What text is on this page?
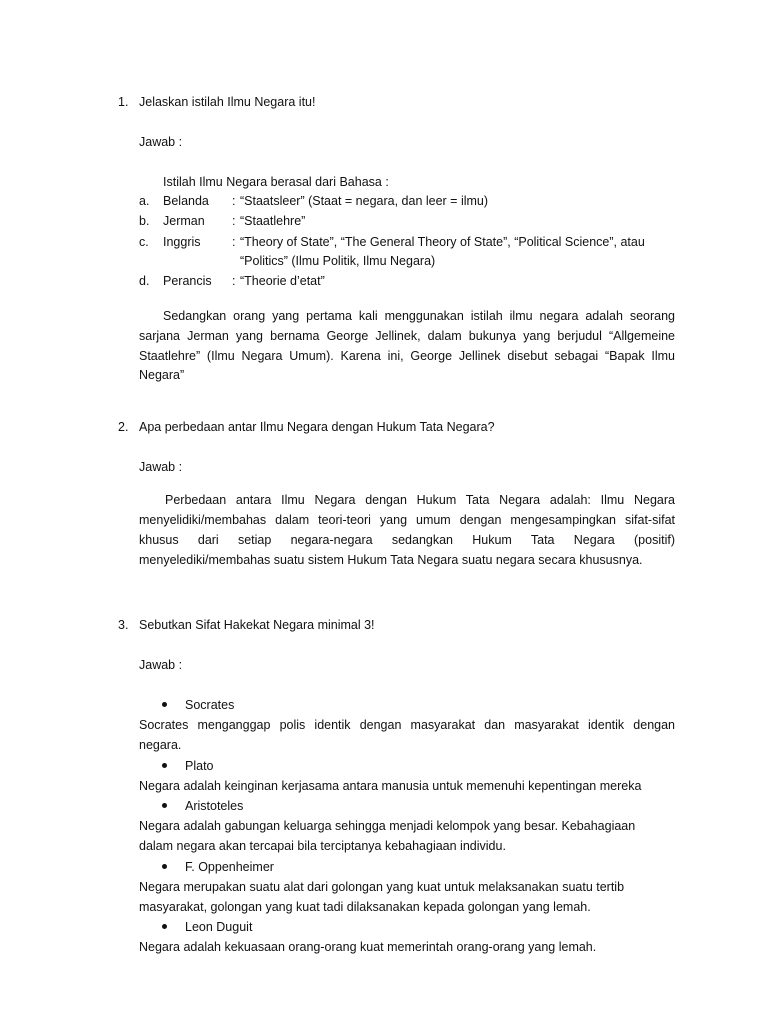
1. Jelaskan istilah Ilmu Negara itu!
Jawab :
Istilah Ilmu Negara berasal dari Bahasa :
a. Belanda : “Staatsleer” (Staat = negara, dan leer = ilmu)
b. Jerman : “Staatlehre”
c. Inggris	: “Theory of State”, “The General Theory of State”, “Political Science”, atau
“Politics” (Ilmu Politik, Ilmu Negara)
d. Perancis : “Theorie d’etat”
Sedangkan orang yang pertama kali menggunakan istilah ilmu negara adalah seorang
sarjana Jerman yang bernama George Jellinek, dalam bukunya yang berjudul “Allgemeine
Staatlehre” (Ilmu Negara Umum). Karena ini, George Jellinek disebut sebagai “Bapak Ilmu
Negara”
2. Apa perbedaan antar Ilmu Negara dengan Hukum Tata Negara?
Jawab :
Perbedaan antara Ilmu Negara dengan Hukum Tata Negara adalah: Ilmu Negara
menyelidiki/membahas dalam teori-teori yang umum dengan mengesampingkan sifat-sifat
khusus dari setiap negara-negara sedangkan Hukum Tata Negara (positif)
menyelediki/membahas suatu sistem Hukum Tata Negara suatu negara secara khususnya.
3. Sebutkan Sifat Hakekat Negara minimal 3!
Jawab :
Socrates
Socrates menganggap polis identik dengan masyarakat dan masyarakat identik dengan
negara.
Plato
Negara adalah keinginan kerjasama antara manusia untuk memenuhi kepentingan mereka
Aristoteles
Negara adalah gabungan keluarga sehingga menjadi kelompok yang besar. Kebahagiaan
dalam negara akan tercapai bila terciptanya kebahagiaan individu.
F. Oppenheimer
Negara merupakan suatu alat dari golongan yang kuat untuk melaksanakan suatu tertib
masyarakat, golongan yang kuat tadi dilaksanakan kepada golongan yang lemah.
Leon Duguit
Negara adalah kekuasaan orang-orang kuat memerintah orang-orang yang lemah.
